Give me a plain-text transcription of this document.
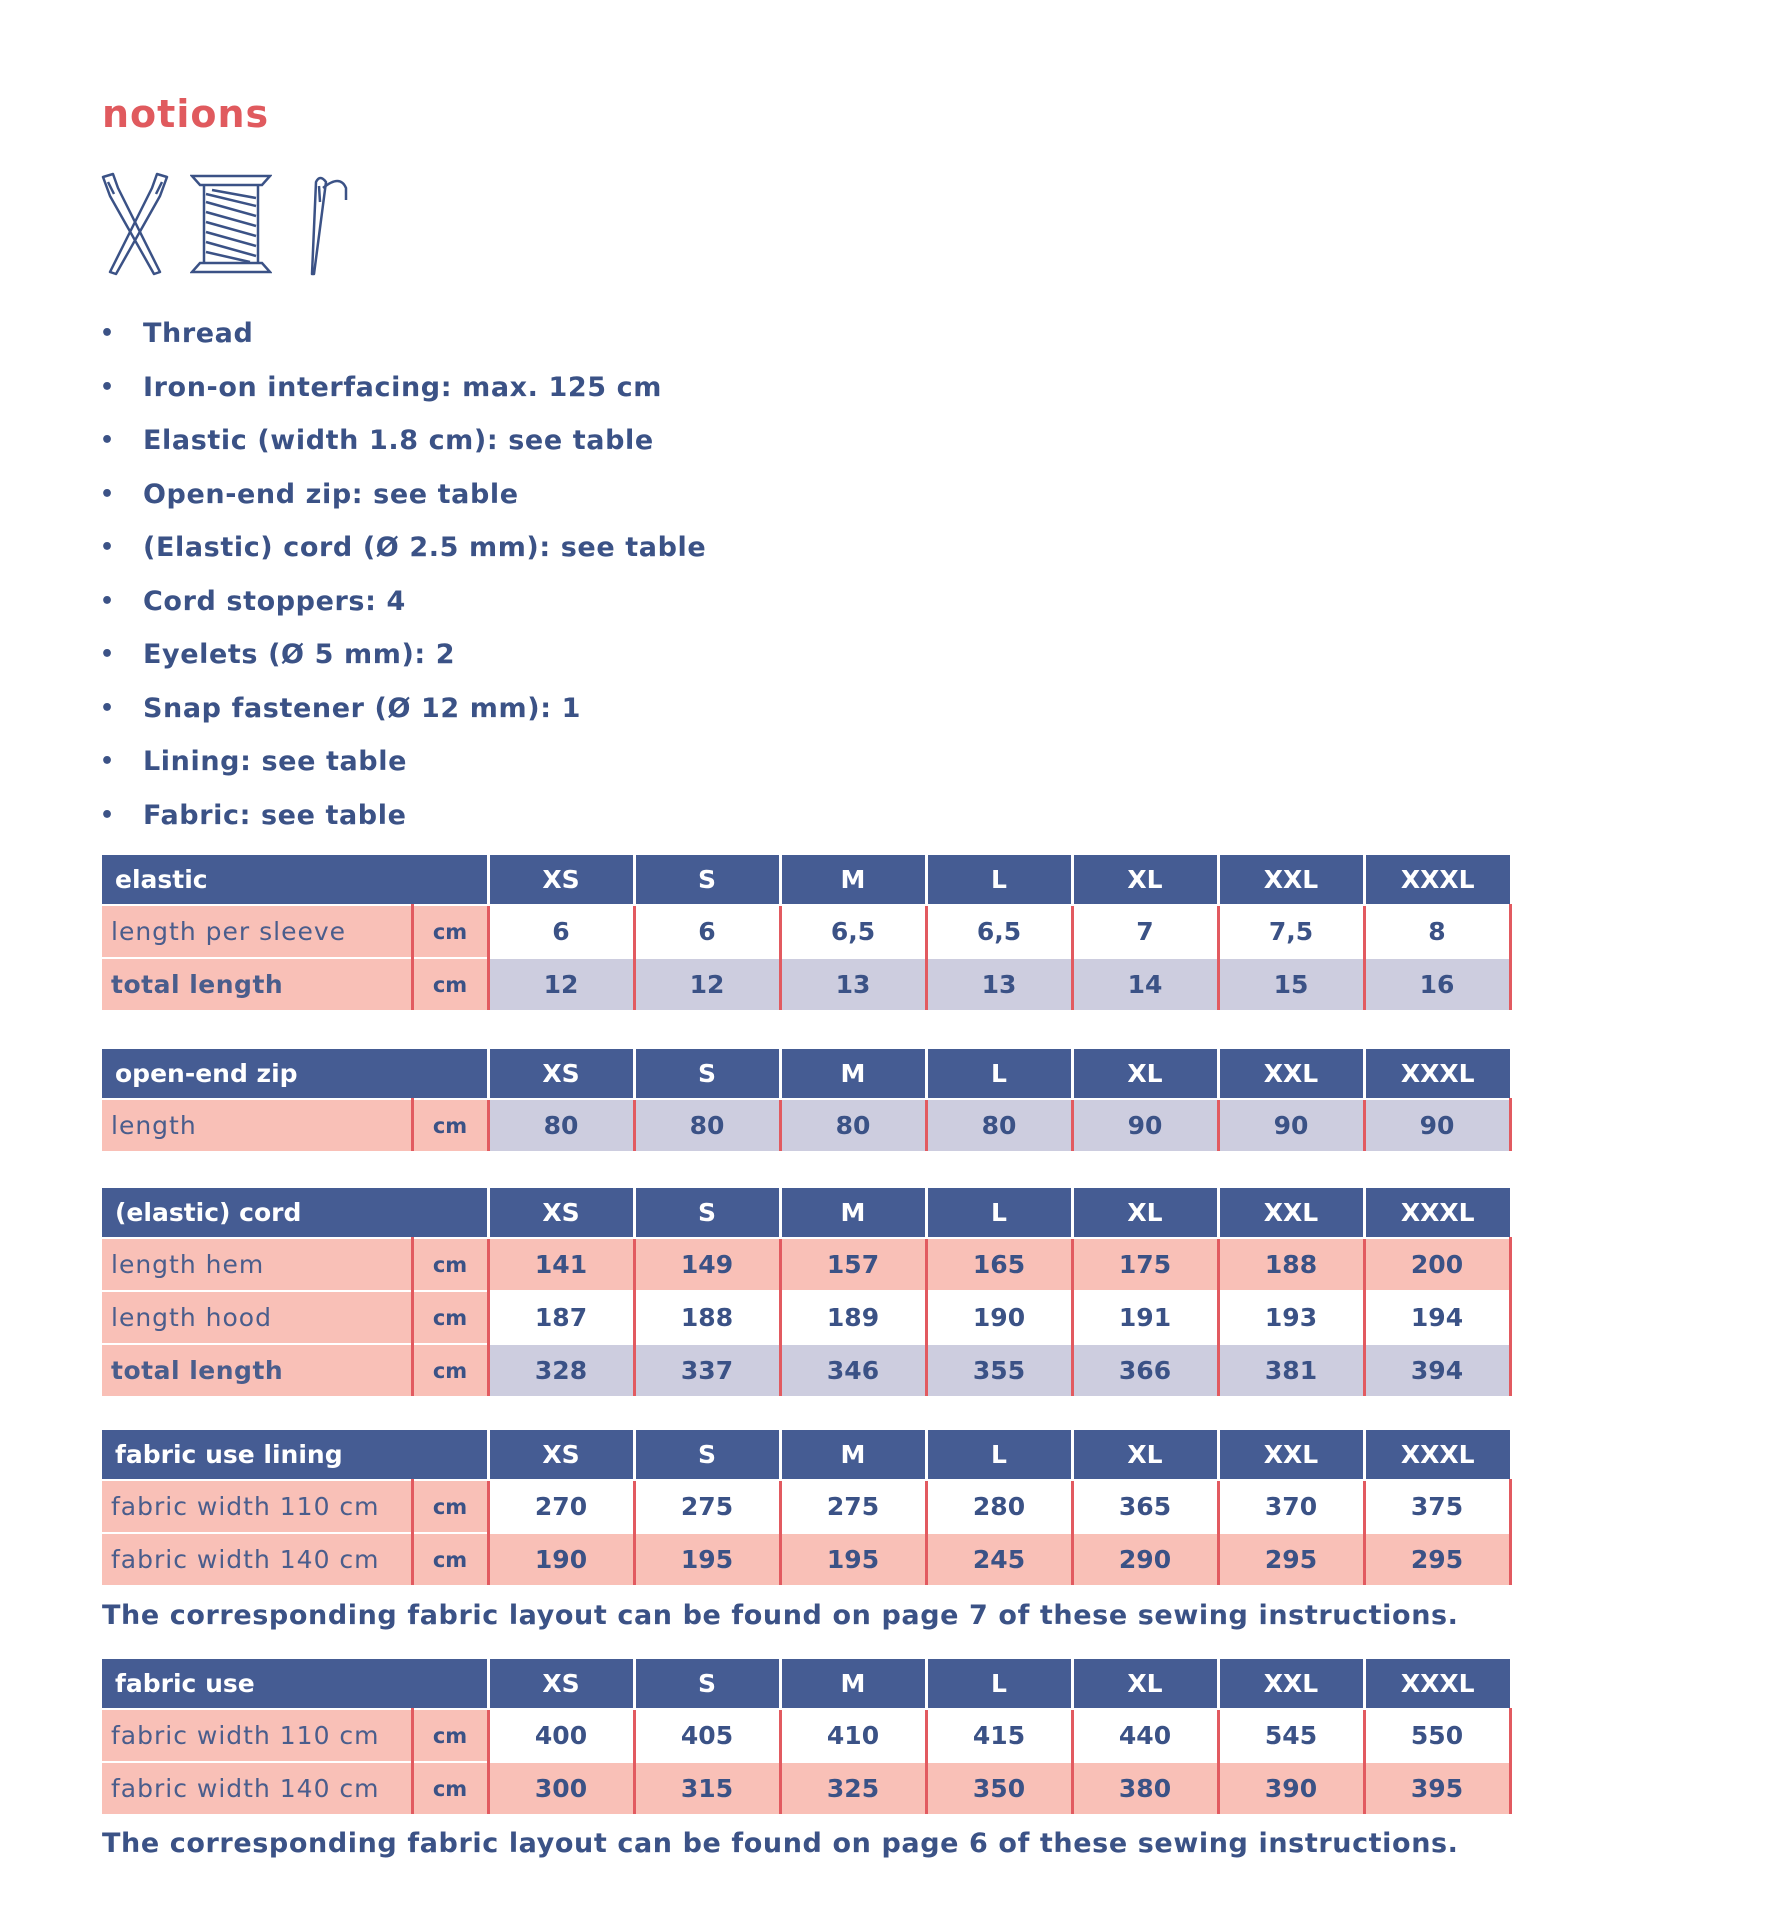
notions
• Thread
• Iron-on interfacing: max. 125 cm
• Elastic (width 1.8 cm): see table
• Open-end zip: see table
• (Elastic) cord (Ø 2.5 mm): see table
• Cord stoppers: 4
• Eyelets (Ø 5 mm): 2
• Snap fastener (Ø 12 mm): 1
• Lining: see table
• Fabric: see table
elastic		XS	S	M	L	XL	XXL	XXXL
length per sleeve	cm	6	6	6,5	6,5	7	7,5	8
total length	cm	12	12	13	13	14	15	16
open-end zip		XS	S	M	L	XL	XXL	XXXL
length	cm	80	80	80	80	90	90	90
(elastic) cord		XS	S	M	L	XL	XXL	XXXL
length hem	cm	141	149	157	165	175	188	200
length hood	cm	187	188	189	190	191	193	194
total length	cm	328	337	346	355	366	381	394
fabric use lining		XS	S	M	L	XL	XXL	XXXL
fabric width 110 cm	cm	270	275	275	280	365	370	375
fabric width 140 cm	cm	190	195	195	245	290	295	295

The corresponding fabric layout can be found on page 7 of these sewing instructions.

fabric use		XS	S	M	L	XL	XXL	XXXL
fabric width 110 cm	cm	400	405	410	415	440	545	550
fabric width 140 cm	cm	300	315	325	350	380	390	395

The corresponding fabric layout can be found on page 6 of these sewing instructions.
